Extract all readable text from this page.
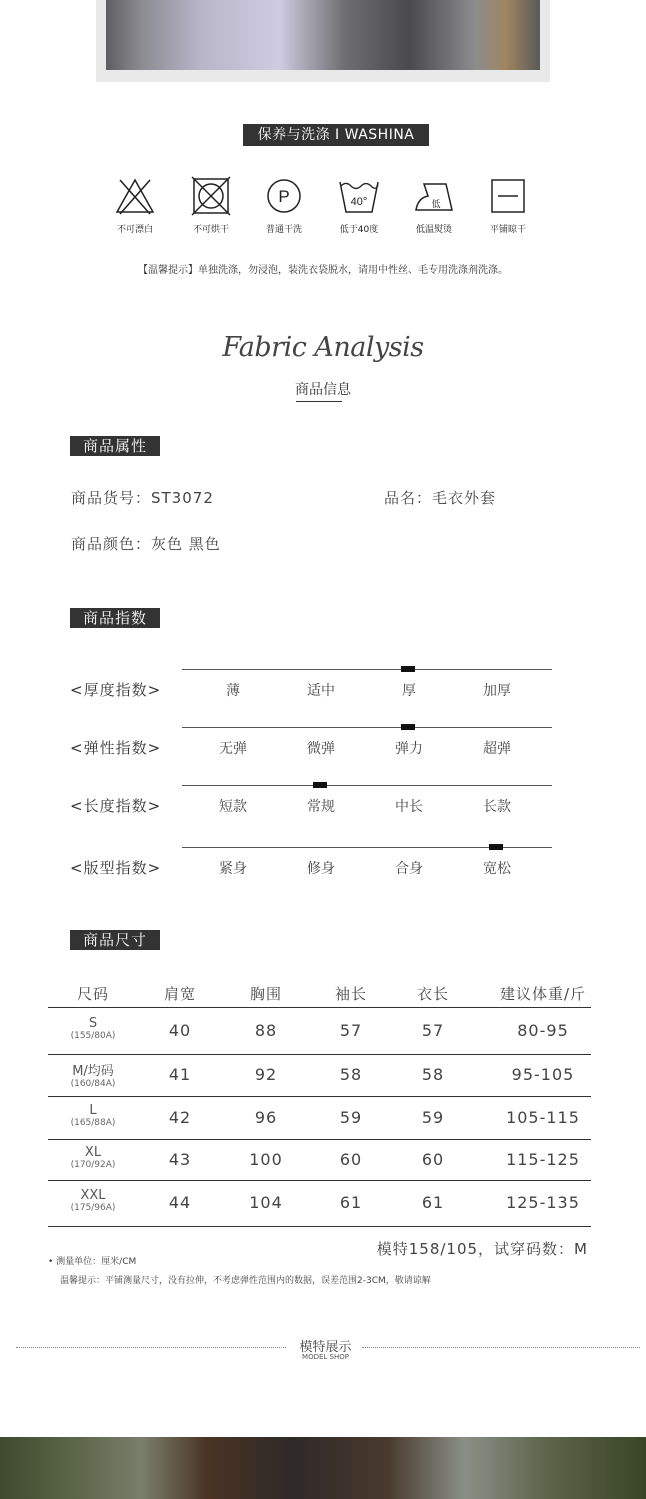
保养与洗涤 I WASHINA
不可漂白	不可烘干
P
普通干洗
40°
低于40度
低
低温熨烫	平铺晾干
【温馨提示】单独洗涤，勿浸泡，装洗衣袋脱水，请用中性丝、毛专用洗涤剂洗涤。
Fabric Analysis
商品信息
商品属性
商品货号：ST3072	品名：毛衣外套
商品颜色：灰色 黑色
商品指数
<厚度指数>	薄	适中	厚	加厚
<弹性指数>	无弹	微弹	弹力	超弹
<长度指数>	短款	常规	中长	长款
<版型指数>	紧身	修身	合身	宽松
商品尺寸
尺码	肩宽	胸围	袖长	衣长	建议体重/斤
S
(155/80A)	40	88	57	57	80-95
M/均码
(160/84A)	41	92	58	58	95-105
L
(165/88A)	42	96	59	59	105-115
XL
(170/92A)	43	100	60	60	115-125
XXL
(175/96A)	44	104	61	61	125-135
模特158/105，试穿码数：M
• 测量单位：厘米/CM
温馨提示：平铺测量尺寸，没有拉伸，不考虑弹性范围内的数据，误差范围2-3CM，敬请谅解
模特展示
MODEL SHOP
